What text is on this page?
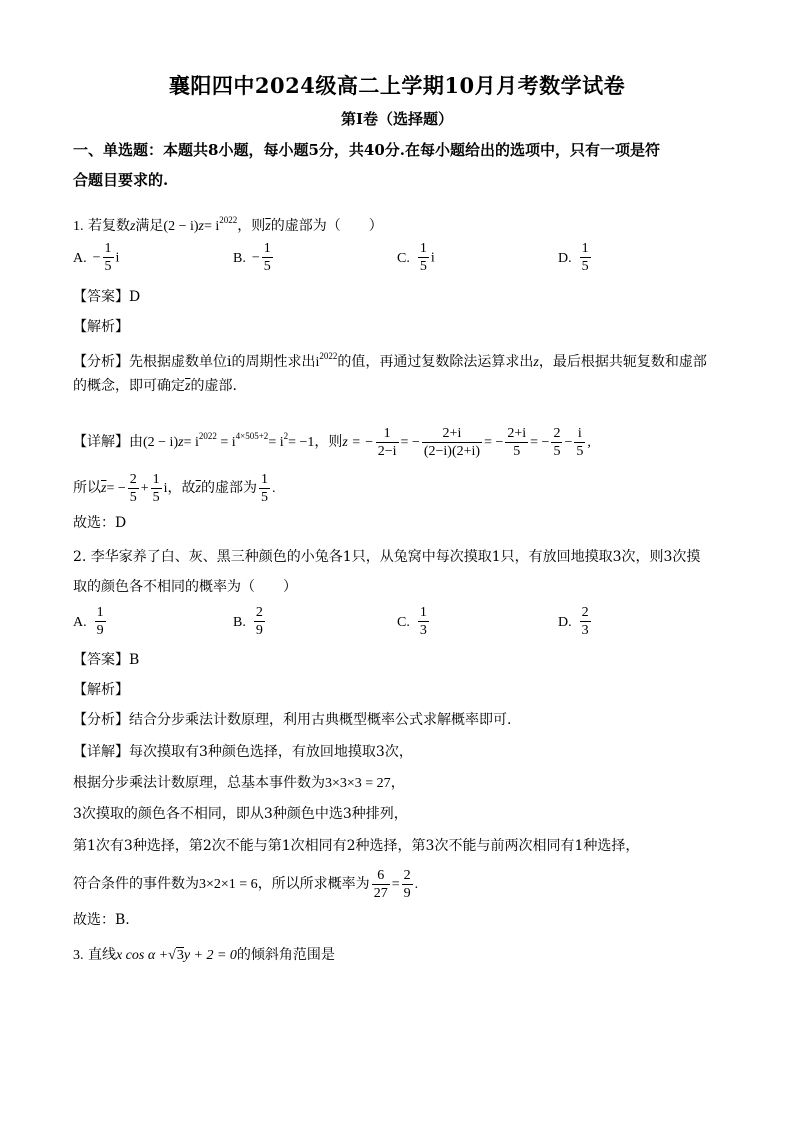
襄阳四中2024级高二上学期10月月考数学试卷
第I卷（选择题）
一、单选题：本题共8小题，每小题5分，共40分.在每小题给出的选项中，只有一项是符
合题目要求的.
1. 若复数z满足$(2 - i)z= i^{2022}$，则$\overline{z}$的虚部为（　　）
A. − $\frac{1}{5}$ i	B. − $\frac{1}{5}$	C. $\frac{1}{5}$ i	D. $\frac{1}{5}$
【答案】D
【解析】
【分析】先根据虚数单位i的周期性求出$i^{2022}$的值，再通过复数除法运算求出z，最后根据共轭复数和虚部
的概念，即可确定$\overline{z}$的虚部.
【详解】由$(2 - i)z= i^{2022} = i^{4\times 505+2}= i^2= -1$，则z = − $\frac{1}{2-i}$ = − $\frac{2+i}{(2-i)(2+i)}$ = − $\frac{2+i}{5}$ = − $\frac{2}{5} - \frac{i}{5}$ ,
所以$\overline{z}= - \frac{2}{5} + \frac{1}{5}$ i，故$\overline{z}$的虚部为 $\frac{1}{5}$ .
故选：D
2. 李华家养了白、灰、黑三种颜色的小兔各1只，从兔窝中每次摸取1只，有放回地摸取3次，则3次摸
取的颜色各不相同的概率为（　　）
A. $\frac{1}{9}$	B. $\frac{2}{9}$	C. $\frac{1}{3}$	D. $\frac{2}{3}$
【答案】B
【解析】
【分析】结合分步乘法计数原理，利用古典概型概率公式求解概率即可.
【详解】每次摸取有3种颜色选择，有放回地摸取3次，
根据分步乘法计数原理，总基本事件数为3×3×3 = 27，
3次摸取的颜色各不相同，即从3种颜色中选3种排列，
第1次有3种选择，第2次不能与第1次相同有2种选择，第3次不能与前两次相同有1种选择，
符合条件的事件数为3×2×1 = 6，所以所求概率为 $\frac{6}{27} = \frac{2}{9}$ .
故选：B.
3. 直线x cos α +√3y + 2 = 0的倾斜角范围是
